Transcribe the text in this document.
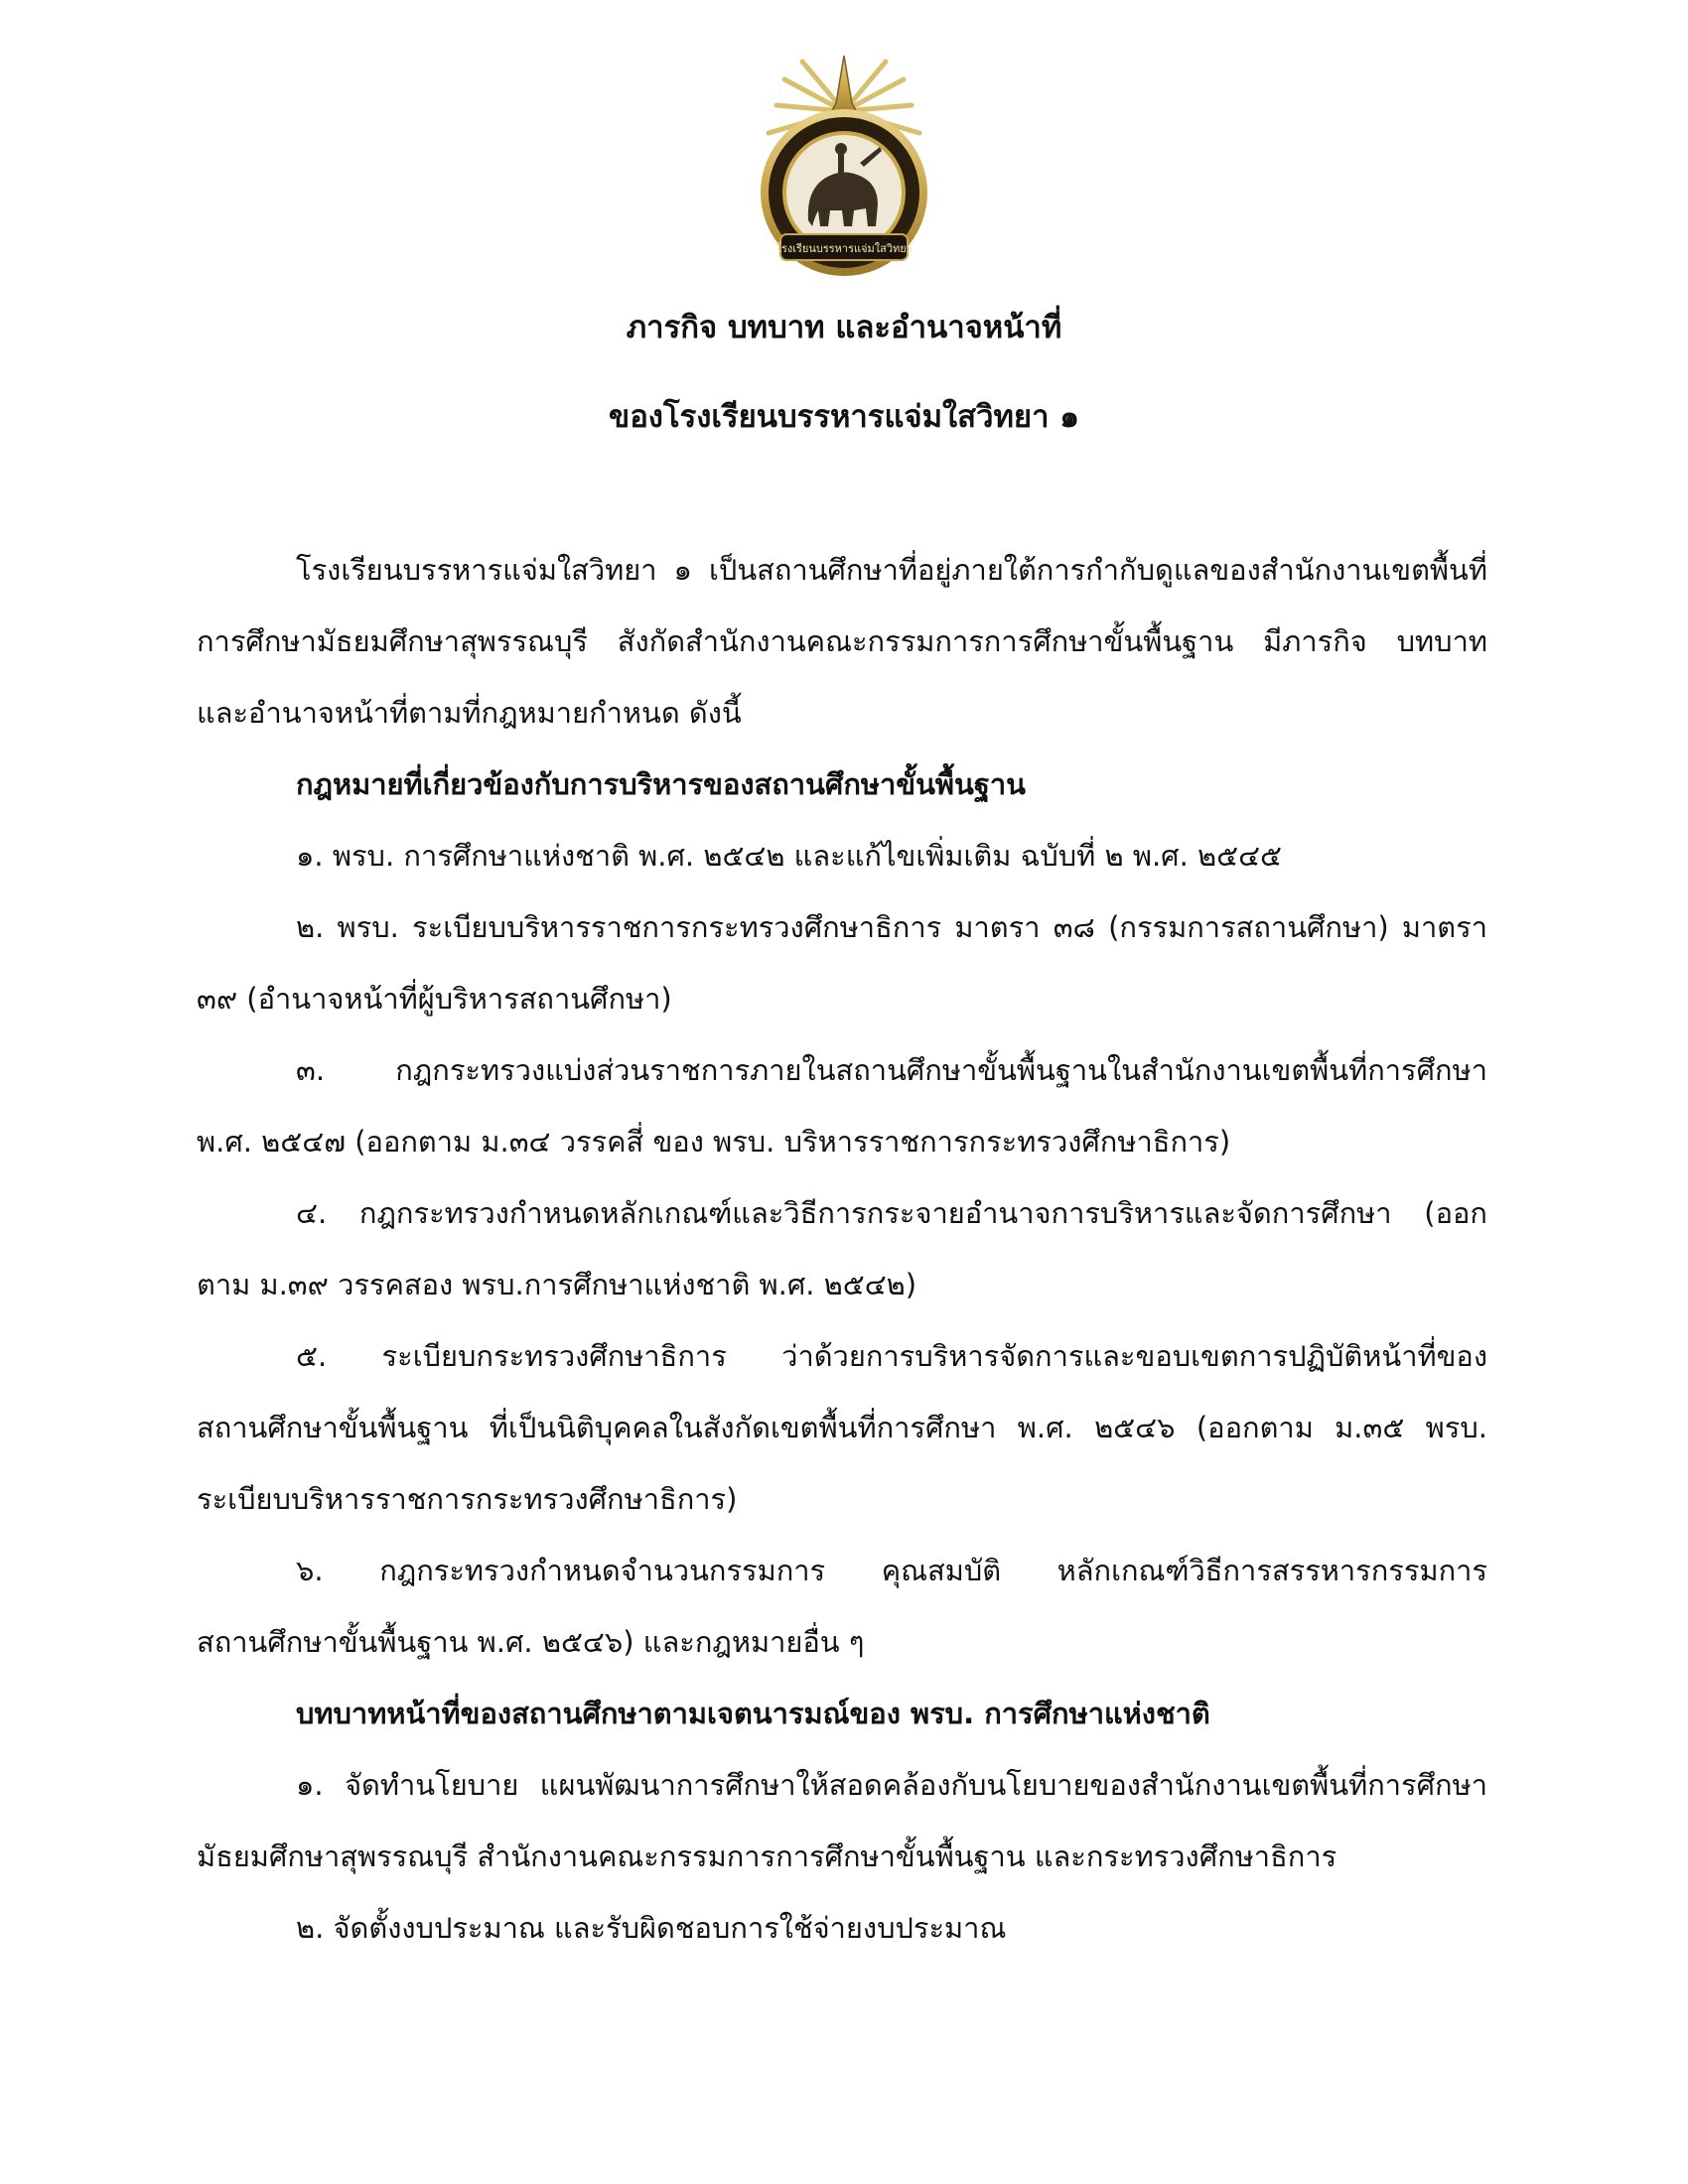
โรงเรียนบรรหารแจ่มใสวิทยา
ภารกิจ บทบาท และอำนาจหน้าที่
ของโรงเรียนบรรหารแจ่มใสวิทยา ๑
โรงเรียนบรรหารแจ่มใสวิทยา ๑ เป็นสถานศึกษาที่อยู่ภายใต้การกำกับดูแลของสำนักงานเขตพื้นที่
การศึกษามัธยมศึกษาสุพรรณบุรี สังกัดสำนักงานคณะกรรมการการศึกษาขั้นพื้นฐาน มีภารกิจ บทบาท
และอำนาจหน้าที่ตามที่กฎหมายกำหนด ดังนี้
กฎหมายที่เกี่ยวข้องกับการบริหารของสถานศึกษาขั้นพื้นฐาน
๑. พรบ. การศึกษาแห่งชาติ พ.ศ. ๒๕๔๒ และแก้ไขเพิ่มเติม ฉบับที่ ๒ พ.ศ. ๒๕๔๕
๒. พรบ. ระเบียบบริหารราชการกระทรวงศึกษาธิการ มาตรา ๓๘ (กรรมการสถานศึกษา) มาตรา
๓๙ (อำนาจหน้าที่ผู้บริหารสถานศึกษา)
๓. กฎกระทรวงแบ่งส่วนราชการภายในสถานศึกษาขั้นพื้นฐานในสำนักงานเขตพื้นที่การศึกษา
พ.ศ. ๒๕๔๗ (ออกตาม ม.๓๔ วรรคสี่ ของ พรบ. บริหารราชการกระทรวงศึกษาธิการ)
๔. กฎกระทรวงกำหนดหลักเกณฑ์และวิธีการกระจายอำนาจการบริหารและจัดการศึกษา (ออก
ตาม ม.๓๙ วรรคสอง พรบ.การศึกษาแห่งชาติ พ.ศ. ๒๕๔๒)
๕. ระเบียบกระทรวงศึกษาธิการ ว่าด้วยการบริหารจัดการและขอบเขตการปฏิบัติหน้าที่ของ
สถานศึกษาขั้นพื้นฐาน ที่เป็นนิติบุคคลในสังกัดเขตพื้นที่การศึกษา พ.ศ. ๒๕๔๖ (ออกตาม ม.๓๕ พรบ.
ระเบียบบริหารราชการกระทรวงศึกษาธิการ)
๖. กฎกระทรวงกำหนดจำนวนกรรมการ คุณสมบัติ หลักเกณฑ์วิธีการสรรหารกรรมการ
สถานศึกษาขั้นพื้นฐาน พ.ศ. ๒๕๔๖) และกฎหมายอื่น ๆ
บทบาทหน้าที่ของสถานศึกษาตามเจตนารมณ์ของ พรบ. การศึกษาแห่งชาติ
๑. จัดทำนโยบาย แผนพัฒนาการศึกษาให้สอดคล้องกับนโยบายของสำนักงานเขตพื้นที่การศึกษา
มัธยมศึกษาสุพรรณบุรี สำนักงานคณะกรรมการการศึกษาขั้นพื้นฐาน และกระทรวงศึกษาธิการ
๒. จัดตั้งงบประมาณ และรับผิดชอบการใช้จ่ายงบประมาณ
